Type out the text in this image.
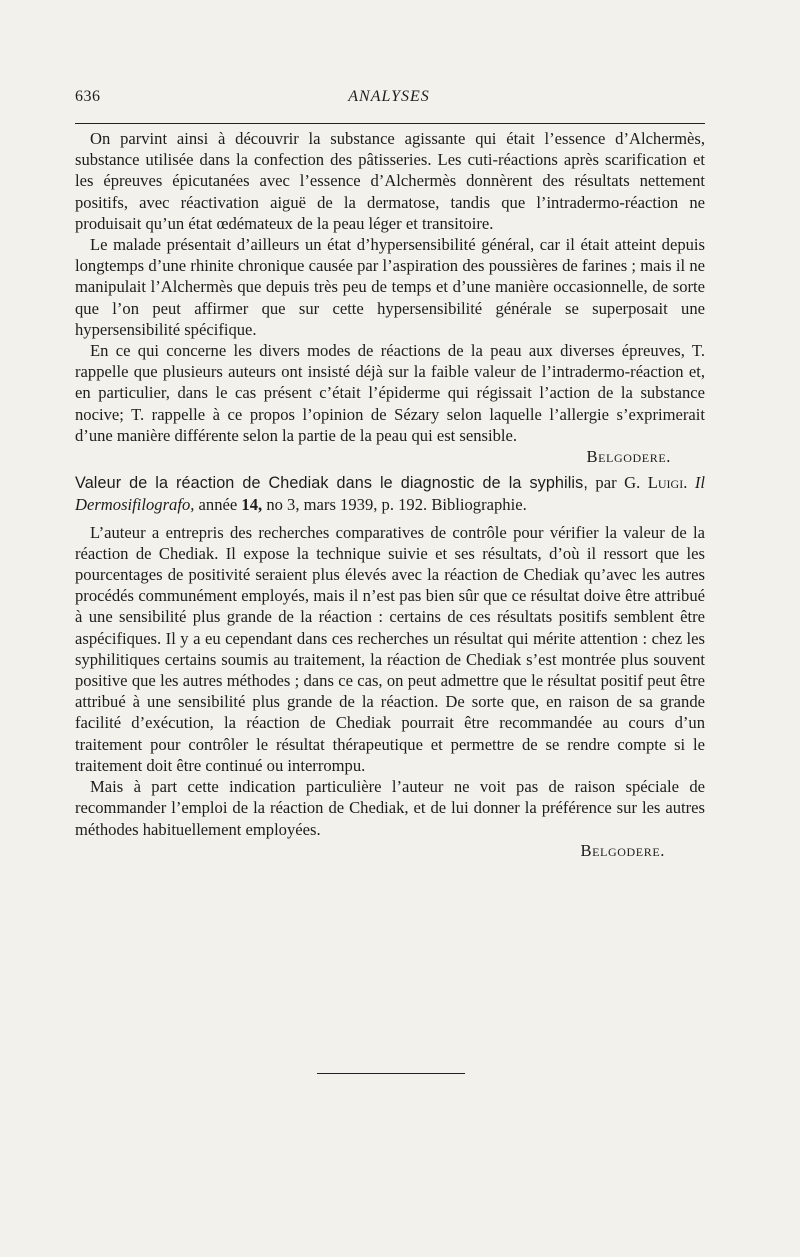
636	ANALYSES

On parvint ainsi à découvrir la substance agissante qui était l’essence d’Alchermès, substance utilisée dans la confection des pâtisseries. Les cuti-réactions après scarification et les épreuves épicutanées avec l’essence d’Alchermès donnèrent des résultats nettement positifs, avec réactivation aiguë de la dermatose, tandis que l’intradermo-réaction ne produisait qu’un état œdémateux de la peau léger et transitoire.

Le malade présentait d’ailleurs un état d’hypersensibilité général, car il était atteint depuis longtemps d’une rhinite chronique causée par l’aspiration des poussières de farines ; mais il ne manipulait l’Alchermès que depuis très peu de temps et d’une manière occasionnelle, de sorte que l’on peut affirmer que sur cette hypersensibilité générale se superposait une hypersensibilité spécifique.

En ce qui concerne les divers modes de réactions de la peau aux diverses épreuves, T. rappelle que plusieurs auteurs ont insisté déjà sur la faible valeur de l’intradermo-réaction et, en particulier, dans le cas présent c’était l’épiderme qui régissait l’action de la substance nocive; T. rappelle à ce propos l’opinion de Sézary selon laquelle l’allergie s’exprimerait d’une manière différente selon la partie de la peau qui est sensible.

Belgodere.

Valeur de la réaction de Chediak dans le diagnostic de la syphilis, par G. Luigi. Il Dermosifilografo, année 14, no 3, mars 1939, p. 192. Bibliographie.

L’auteur a entrepris des recherches comparatives de contrôle pour vérifier la valeur de la réaction de Chediak. Il expose la technique suivie et ses résultats, d’où il ressort que les pourcentages de positivité seraient plus élevés avec la réaction de Chediak qu’avec les autres procédés communément employés, mais il n’est pas bien sûr que ce résultat doive être attribué à une sensibilité plus grande de la réaction : certains de ces résultats positifs semblent être aspécifiques. Il y a eu cependant dans ces recherches un résultat qui mérite attention : chez les syphilitiques certains soumis au traitement, la réaction de Chediak s’est montrée plus souvent positive que les autres méthodes ; dans ce cas, on peut admettre que le résultat positif peut être attribué à une sensibilité plus grande de la réaction. De sorte que, en raison de sa grande facilité d’exécution, la réaction de Chediak pourrait être recommandée au cours d’un traitement pour contrôler le résultat thérapeutique et permettre de se rendre compte si le traitement doit être continué ou interrompu.

Mais à part cette indication particulière l’auteur ne voit pas de raison spéciale de recommander l’emploi de la réaction de Chediak, et de lui donner la préférence sur les autres méthodes habituellement employées.

Belgodere.
